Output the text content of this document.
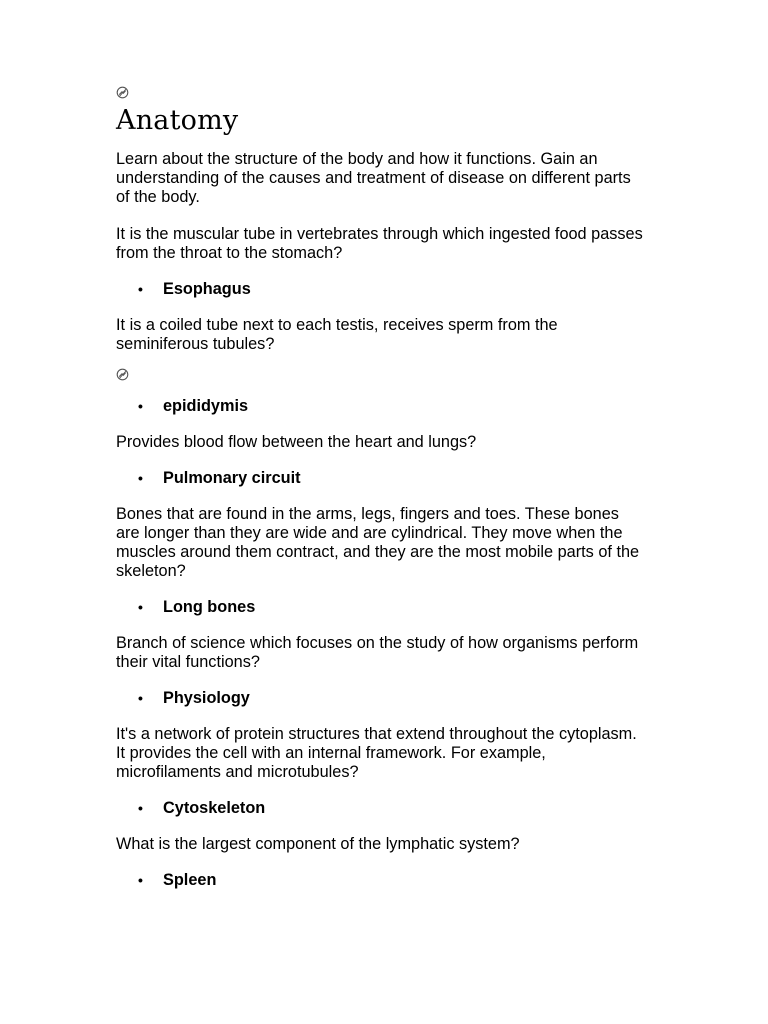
Anatomy

Learn about the structure of the body and how it functions. Gain an understanding of the causes and treatment of disease on different parts of the body.

It is the muscular tube in vertebrates through which ingested food passes from the throat to the stomach?

•	Esophagus

It is a coiled tube next to each testis, receives sperm from the seminiferous tubules?

•	epididymis

Provides blood flow between the heart and lungs?

•	Pulmonary circuit

Bones that are found in the arms, legs, fingers and toes. These bones are longer than they are wide and are cylindrical. They move when the muscles around them contract, and they are the most mobile parts of the skeleton?

•	Long bones

Branch of science which focuses on the study of how organisms perform their vital functions?

•	Physiology

It's a network of protein structures that extend throughout the cytoplasm. It provides the cell with an internal framework. For example, microfilaments and microtubules?

•	Cytoskeleton

What is the largest component of the lymphatic system?

•	Spleen
